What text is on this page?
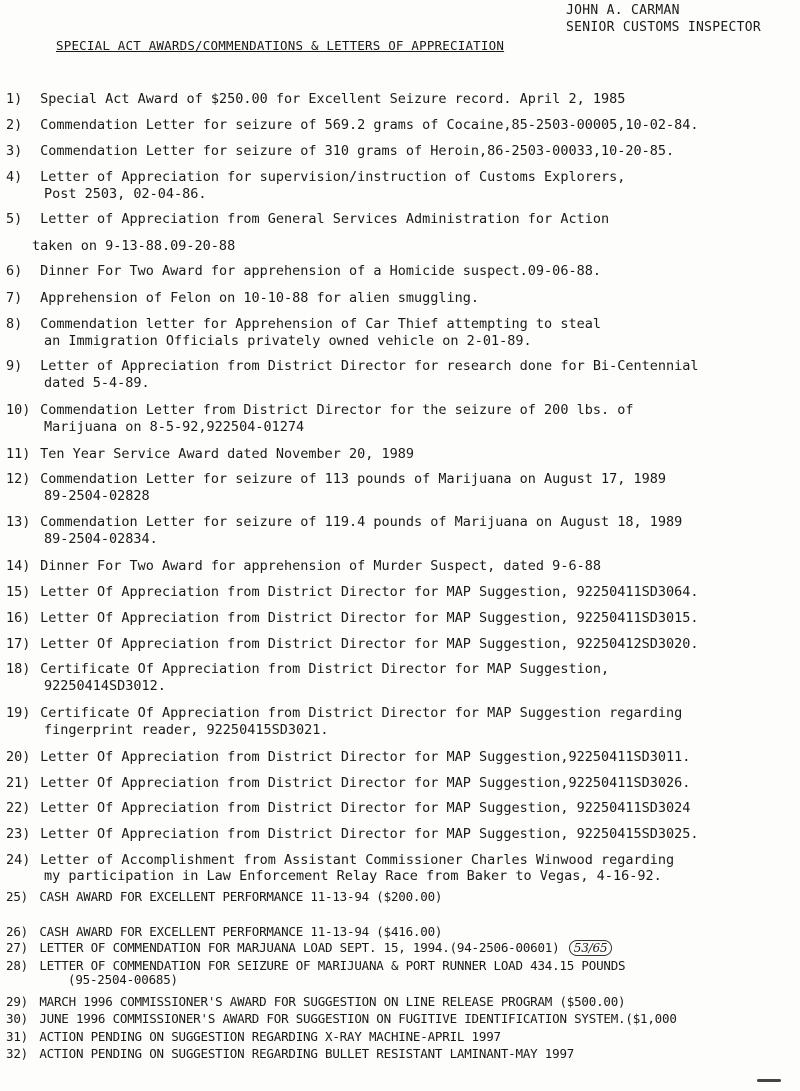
JOHN A. CARMAN
SENIOR CUSTOMS INSPECTOR
SPECIAL ACT AWARDS/COMMENDATIONS & LETTERS OF APPRECIATION
1) Special Act Award of $250.00 for Excellent Seizure record. April 2, 1985
2) Commendation Letter for seizure of 569.2 grams of Cocaine,85-2503-00005,10-02-84.
3) Commendation Letter for seizure of 310 grams of Heroin,86-2503-00033,10-20-85.
4) Letter of Appreciation for supervision/instruction of Customs Explorers,
Post 2503, 02-04-86.
5) Letter of Appreciation from General Services Administration for Action
taken on 9-13-88.09-20-88
6) Dinner For Two Award for apprehension of a Homicide suspect.09-06-88.
7) Apprehension of Felon on 10-10-88 for alien smuggling.
8) Commendation letter for Apprehension of Car Thief attempting to steal
an Immigration Officials privately owned vehicle on 2-01-89.
9) Letter of Appreciation from District Director for research done for Bi-Centennial
dated 5-4-89.
10) Commendation Letter from District Director for the seizure of 200 lbs. of
Marijuana on 8-5-92,922504-01274
11) Ten Year Service Award dated November 20, 1989
12) Commendation Letter for seizure of 113 pounds of Marijuana on August 17, 1989
89-2504-02828
13) Commendation Letter for seizure of 119.4 pounds of Marijuana on August 18, 1989
89-2504-02834.
14) Dinner For Two Award for apprehension of Murder Suspect, dated 9-6-88
15) Letter Of Appreciation from District Director for MAP Suggestion, 92250411SD3064.
16) Letter Of Appreciation from District Director for MAP Suggestion, 92250411SD3015.
17) Letter Of Appreciation from District Director for MAP Suggestion, 92250412SD3020.
18) Certificate Of Appreciation from District Director for MAP Suggestion,
92250414SD3012.
19) Certificate Of Appreciation from District Director for MAP Suggestion regarding
fingerprint reader, 92250415SD3021.
20) Letter Of Appreciation from District Director for MAP Suggestion,92250411SD3011.
21) Letter Of Appreciation from District Director for MAP Suggestion,92250411SD3026.
22) Letter Of Appreciation from District Director for MAP Suggestion, 92250411SD3024
23) Letter Of Appreciation from District Director for MAP Suggestion, 92250415SD3025.
24) Letter of Accomplishment from Assistant Commissioner Charles Winwood regarding
my participation in Law Enforcement Relay Race from Baker to Vegas, 4-16-92.
25) CASH AWARD FOR EXCELLENT PERFORMANCE 11-13-94 ($200.00)
26) CASH AWARD FOR EXCELLENT PERFORMANCE 11-13-94 ($416.00)
27) LETTER OF COMMENDATION FOR MARJUANA LOAD SEPT. 15, 1994.(94-2506-00601) 53/65
28) LETTER OF COMMENDATION FOR SEIZURE OF MARIJUANA & PORT RUNNER LOAD 434.15 POUNDS
(95-2504-00685)
29) MARCH 1996 COMMISSIONER'S AWARD FOR SUGGESTION ON LINE RELEASE PROGRAM ($500.00)
30) JUNE 1996 COMMISSIONER'S AWARD FOR SUGGESTION ON FUGITIVE IDENTIFICATION SYSTEM.($1,000
31) ACTION PENDING ON SUGGESTION REGARDING X-RAY MACHINE-APRIL 1997
32) ACTION PENDING ON SUGGESTION REGARDING BULLET RESISTANT LAMINANT-MAY 1997
